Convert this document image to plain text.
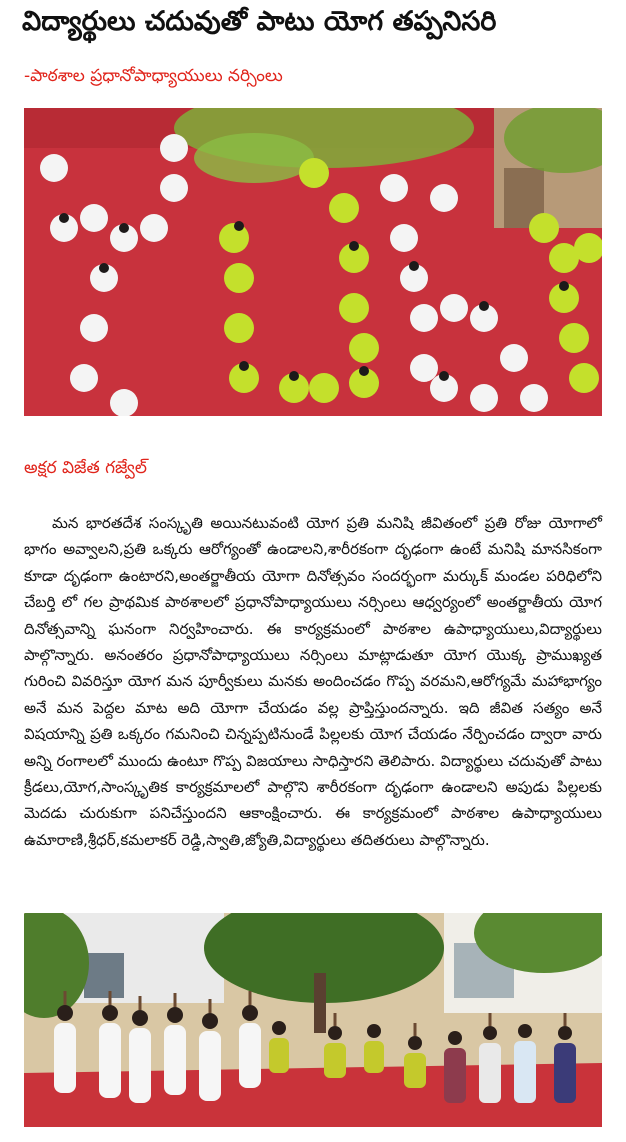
విద్యార్థులు చదువుతో పాటు యోగ తప్పనిసరి
-పాఠశాల ప్రధానోపాధ్యాయులు నర్సింలు
అక్షర విజేత గజ్వేల్
మన భారతదేశ సంస్కృతి అయినటువంటి యోగ ప్రతి మనిషి జీవితంలో ప్రతి రోజు యోగాలో భాగం అవ్వాలని,ప్రతి ఒక్కరు ఆరోగ్యంతో ఉండాలని,శారీరకంగా దృఢంగా ఉంటే మనిషి మానసికంగా కూడా దృఢంగా ఉంటారని,అంతర్జాతీయ యోగా దినోత్సవం సందర్భంగా మర్కుక్ మండల పరిధిలోని చేబర్తి లో గల ప్రాథమిక పాఠశాలలో ప్రధానోపాధ్యాయులు నర్సింలు ఆధ్వర్యంలో అంతర్జాతీయ యోగ దినోత్సవాన్ని ఘనంగా నిర్వహించారు. ఈ కార్యక్రమంలో పాఠశాల ఉపాధ్యాయులు,విద్యార్థులు పాల్గొన్నారు. అనంతరం ప్రధానోపాధ్యాయులు నర్సింలు మాట్లాడుతూ యోగ యొక్క ప్రాముఖ్యత గురించి వివరిస్తూ యోగ మన పూర్వీకులు మనకు అందించడం గొప్ప వరమని,ఆరోగ్యమే మహాభాగ్యం అనే మన పెద్దల మాట అది యోగా చేయడం వల్ల ప్రాప్తిస్తుందన్నారు. ఇది జీవిత సత్యం అనే విషయాన్ని ప్రతి ఒక్కరం గమనించి చిన్నప్పటినుండే పిల్లలకు యోగ చేయడం నేర్పించడం ద్వారా వారు అన్ని రంగాలలో ముందు ఉంటూ గొప్ప విజయాలు సాధిస్తారని తెలిపారు. విద్యార్థులు చదువుతో పాటు క్రీడలు,యోగ,సాంస్కృతిక కార్యక్రమాలలో పాల్గొని శారీరకంగా దృఢంగా ఉండాలని అపుడు పిల్లలకు మెదడు చురుకుగా పనిచేస్తుందని ఆకాంక్షించారు. ఈ కార్యక్రమంలో పాఠశాల ఉపాధ్యాయులు ఉమారాణి,శ్రీధర్,కమలాకర్ రెడ్డి,స్వాతి,జ్యోతి,విద్యార్థులు తదితరులు పాల్గొన్నారు.
